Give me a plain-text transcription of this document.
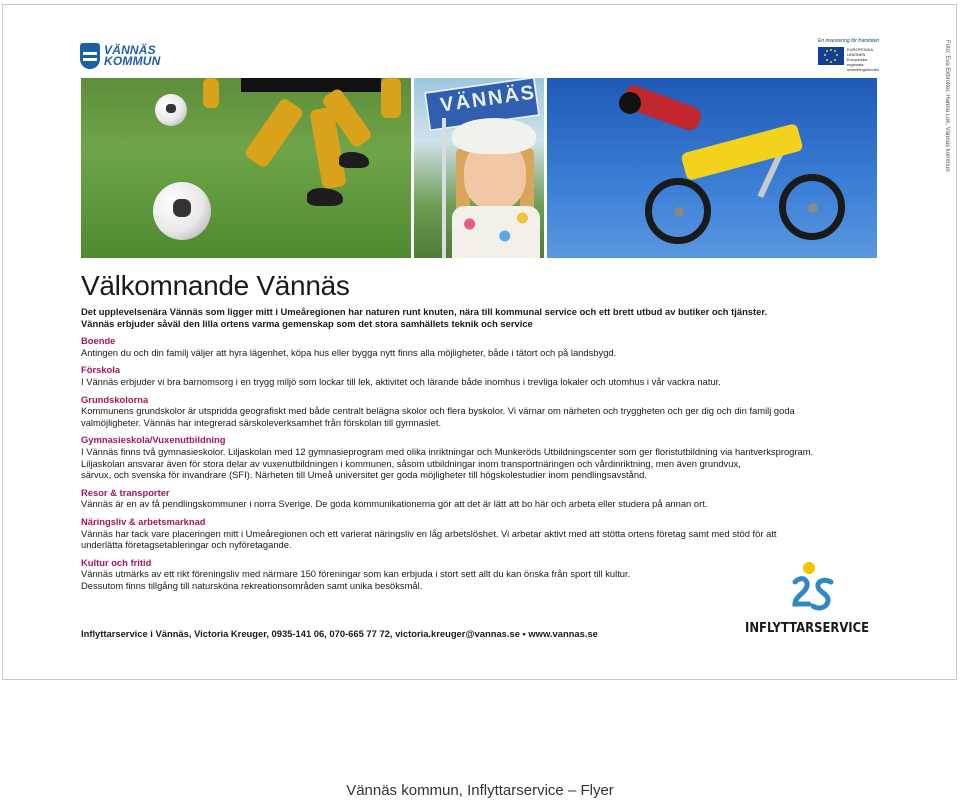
VÄNNÄS
KOMMUN
En investering för framtiden
EUROPEISKA
UNIONEN
Europeiska
regionala
utvecklingsfonden	Foto: Eva Ekbrolter, Hanna Lok, Vännäs kommun
VÄNNÄS
Välkomnande Vännäs

Det upplevelsenära Vännäs som ligger mitt i Umeåregionen har naturen runt knuten, nära till kommunal service och ett brett utbud av butiker och tjänster.

Vännäs erbjuder såväl den lilla ortens varma gemenskap som det stora samhällets teknik och service

Boende

Antingen du och din familj väljer att hyra lägenhet, köpa hus eller bygga nytt finns alla möjligheter, både i tätort och på landsbygd.

Förskola

I Vännäs erbjuder vi bra barnomsorg i en trygg miljö som lockar till lek, aktivitet och lärande både inomhus i trevliga lokaler och utomhus i vår vackra natur.

Grundskolorna

Kommunens grundskolor är utspridda geografiskt med både centralt belägna skolor och flera byskolor. Vi värnar om närheten och tryggheten och ger dig och din familj goda

valmöjligheter. Vännäs har integrerad särskoleverksamhet från förskolan till gymnasiet.

Gymnasieskola/Vuxenutbildning

I Vännäs finns två gymnasieskolor. Liljaskolan med 12 gymnasieprogram med olika inriktningar och Munkeröds Utbildningscenter som ger floristutbildning via hantverksprogram.

Liljaskolan ansvarar även för stora delar av vuxenutbildningen i kommunen, såsom utbildningar inom transportnäringen och vårdinriktning, men även grundvux,

särvux, och svenska för invandrare (SFI). Närheten till Umeå universitet ger goda möjligheter till högskolestudier inom pendlingsavstånd.

Resor & transporter

Vännäs är en av få pendlingskommuner i norra Sverige. De goda kommunikationerna gör att det är lätt att bo här och arbeta eller studera på annan ort.

Näringsliv & arbetsmarknad

Vännäs har tack vare placeringen mitt i Umeåregionen och ett varierat näringsliv en låg arbetslöshet. Vi arbetar aktivt med att stötta ortens företag samt med stöd för att

underlätta företagsetableringar och nyföretagande.

Kultur och fritid

Vännäs utmärks av ett rikt föreningsliv med närmare 150 föreningar som kan erbjuda i stort sett allt du kan önska från sport till kultur.

Dessutom finns tillgång till natursköna rekreationsområden samt unika besöksmål.

Inflyttarservice i Vännäs, Victoria Kreuger, 0935-141 06, 070-665 77 72, victoria.kreuger@vannas.se • www.vannas.se	INFLYTTARSERVICE
Vännäs kommun, Inflyttarservice – Flyer
